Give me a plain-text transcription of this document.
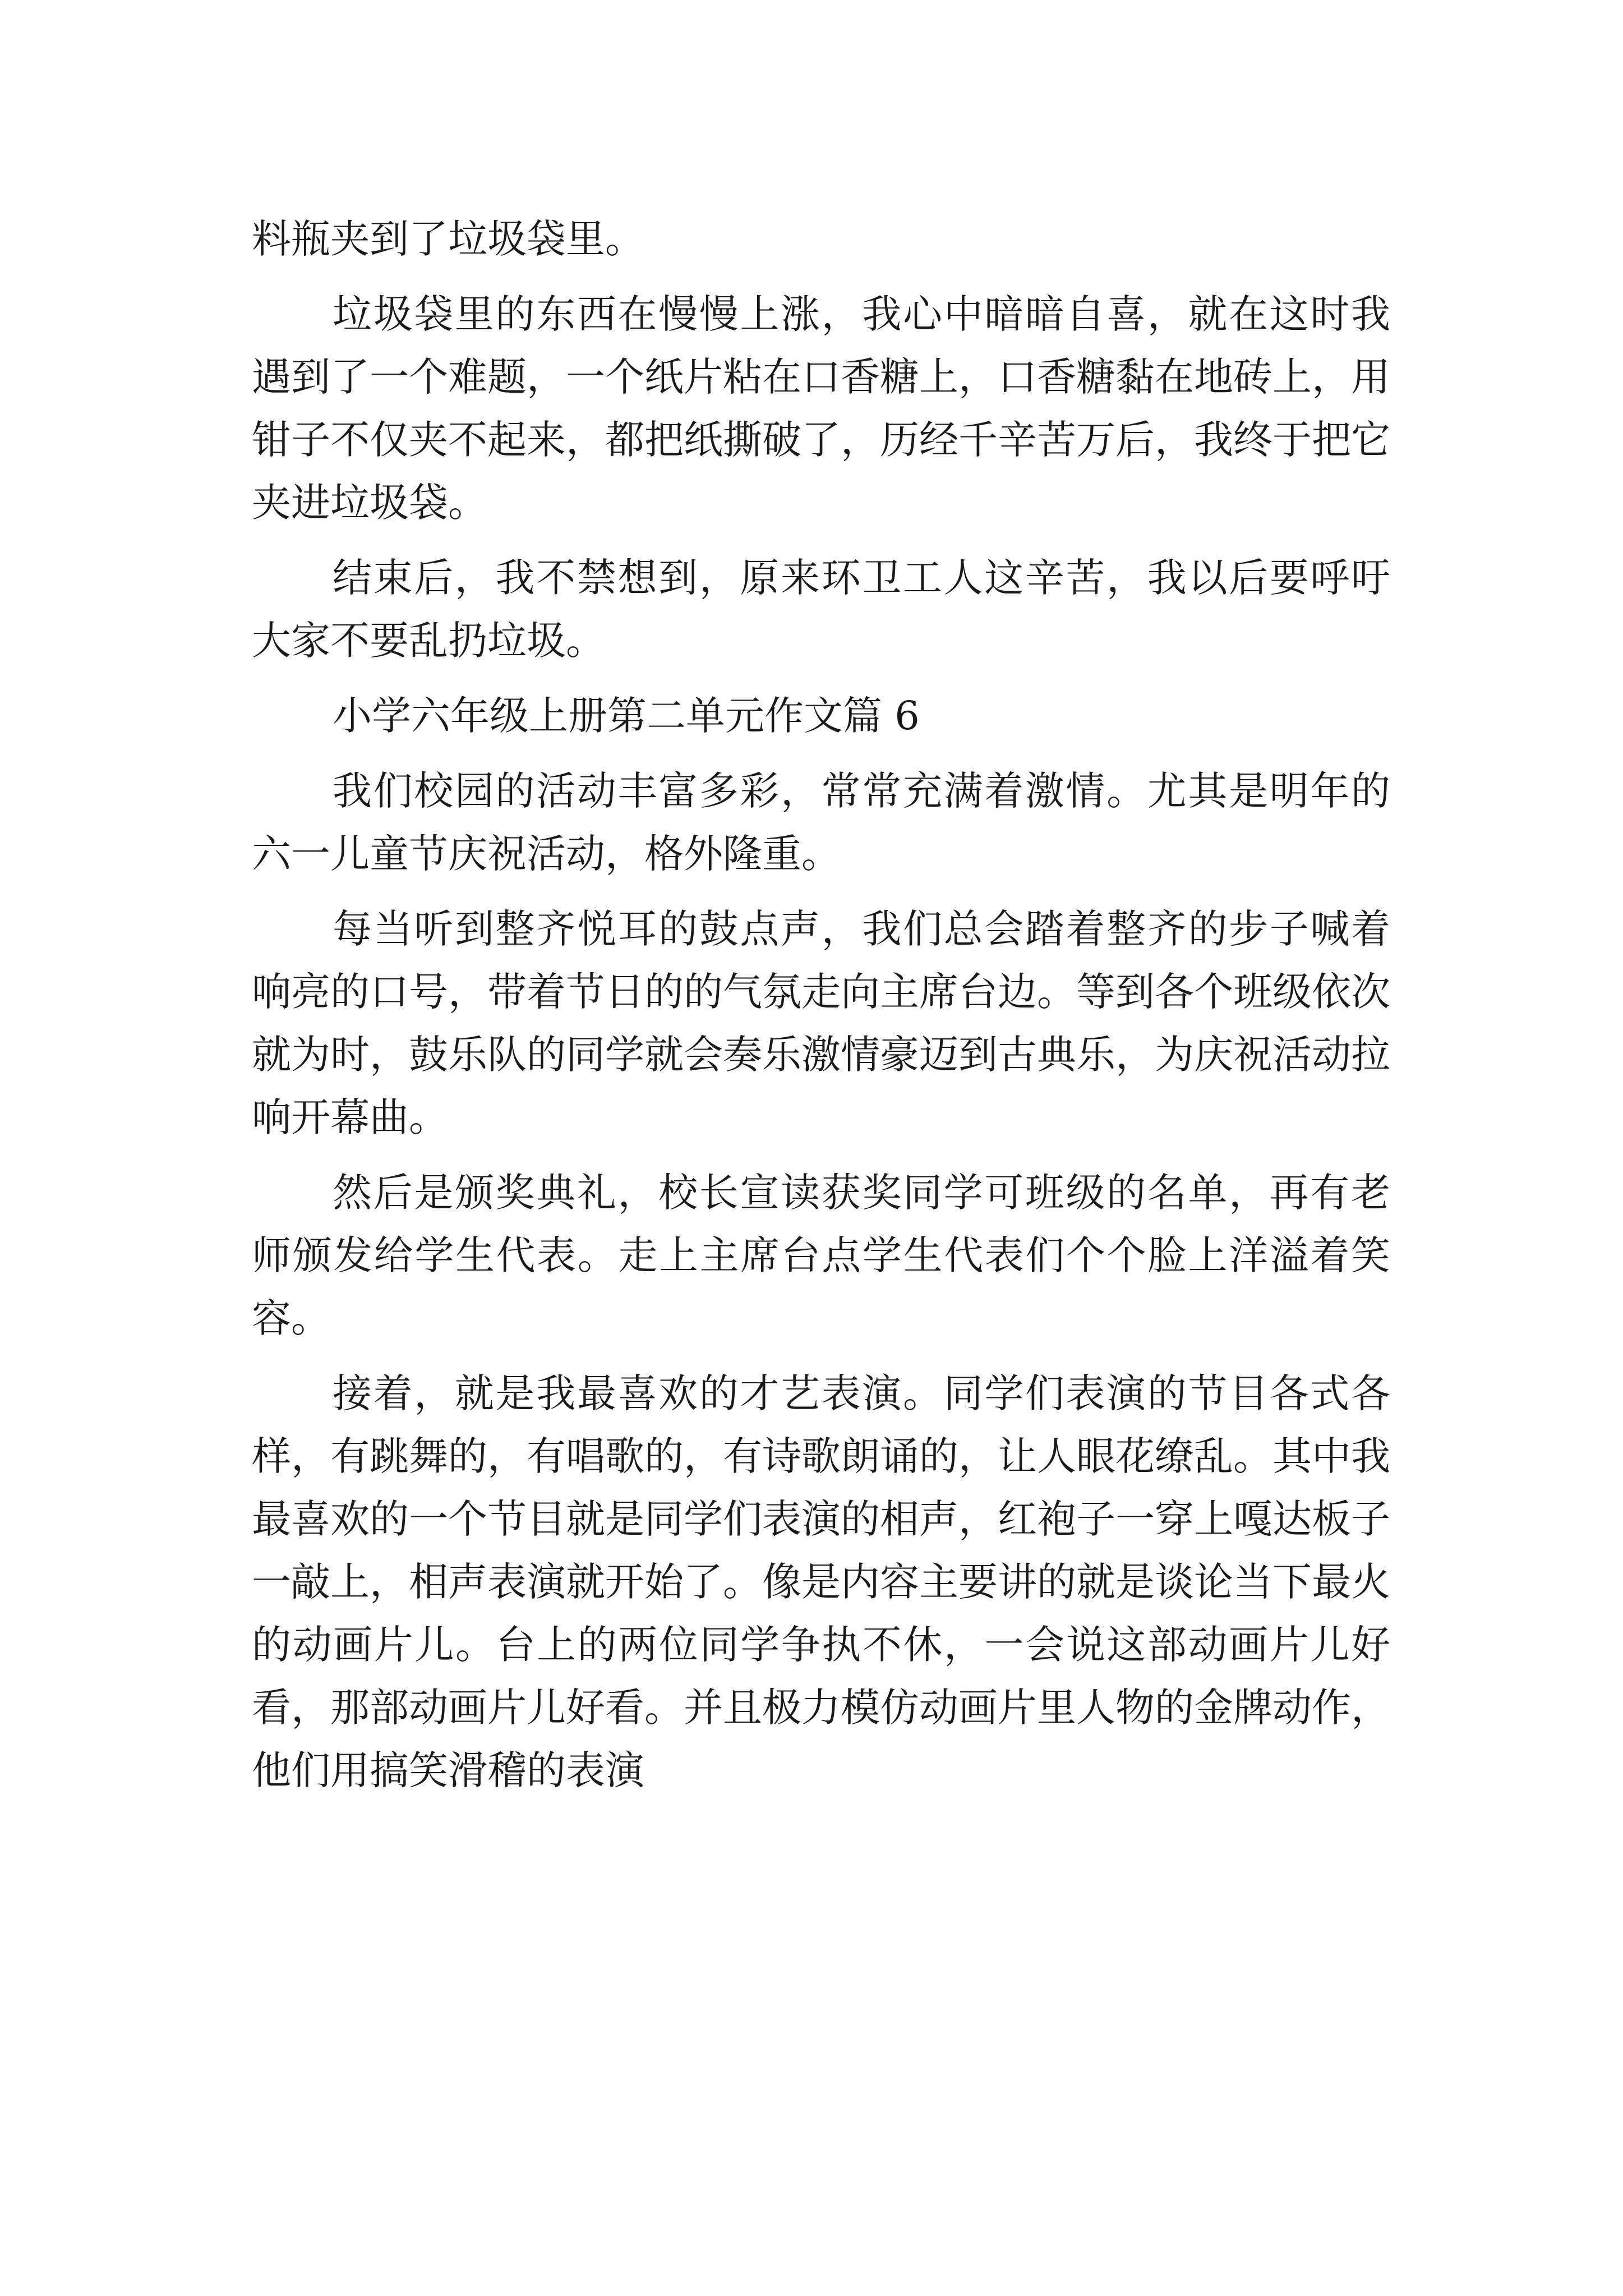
料瓶夹到了垃圾袋里。

垃圾袋里的东西在慢慢上涨，我心中暗暗自喜，就在这时我遇到了一个难题，一个纸片粘在口香糖上，口香糖黏在地砖上，用钳子不仅夹不起来，都把纸撕破了，历经千辛苦万后，我终于把它夹进垃圾袋。

结束后，我不禁想到，原来环卫工人这辛苦，我以后要呼吁大家不要乱扔垃圾。

小学六年级上册第二单元作文篇 6

我们校园的活动丰富多彩，常常充满着激情。尤其是明年的六一儿童节庆祝活动，格外隆重。

每当听到整齐悦耳的鼓点声，我们总会踏着整齐的步子喊着响亮的口号，带着节日的的气氛走向主席台边。等到各个班级依次就为时，鼓乐队的同学就会奏乐激情豪迈到古典乐，为庆祝活动拉响开幕曲。

然后是颁奖典礼，校长宣读获奖同学可班级的名单，再有老师颁发给学生代表。走上主席台点学生代表们个个脸上洋溢着笑容。

接着，就是我最喜欢的才艺表演。同学们表演的节目各式各样，有跳舞的，有唱歌的，有诗歌朗诵的，让人眼花缭乱。其中我最喜欢的一个节目就是同学们表演的相声，红袍子一穿上嘎达板子一敲上，相声表演就开始了。像是内容主要讲的就是谈论当下最火的动画片儿。台上的两位同学争执不休，一会说这部动画片儿好看，那部动画片儿好看。并且极力模仿动画片里人物的金牌动作，他们用搞笑滑稽的表演
